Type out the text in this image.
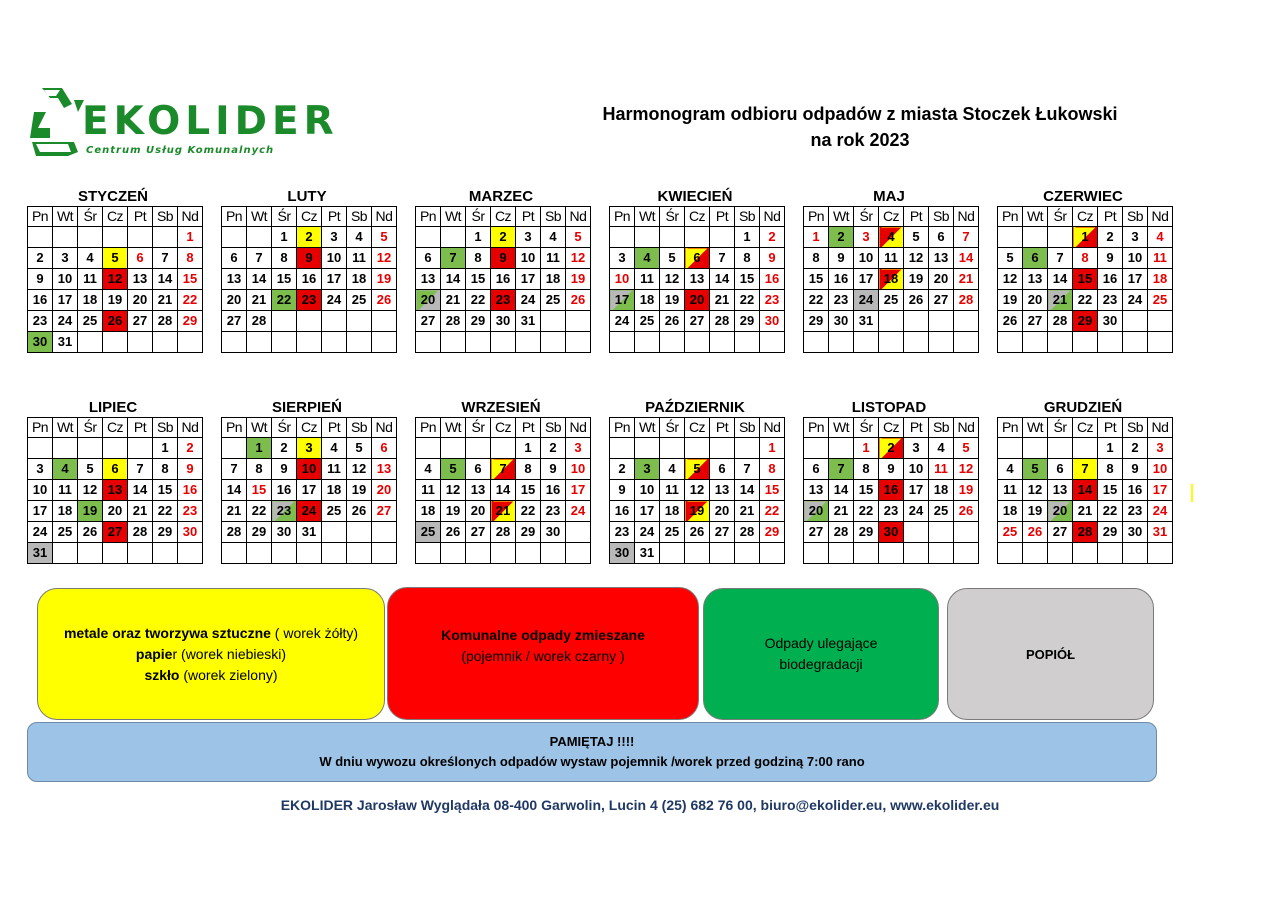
EKOLIDER
Centrum Usług Komunalnych
Harmonogram odbioru odpadów z miasta Stoczek Łukowski
na rok 2023
STYCZEŃ
Pn	Wt	Śr	Cz	Pt	Sb	Nd
						1
2	3	4	5	6	7	8
9	10	11	12	13	14	15
16	17	18	19	20	21	22
23	24	25	26	27	28	29
30	31					
LUTY
Pn	Wt	Śr	Cz	Pt	Sb	Nd
		1	2	3	4	5
6	7	8	9	10	11	12
13	14	15	16	17	18	19
20	21	22	23	24	25	26
27	28					

MARZEC
Pn	Wt	Śr	Cz	Pt	Sb	Nd
		1	2	3	4	5
6	7	8	9	10	11	12
13	14	15	16	17	18	19
20	21	22	23	24	25	26
27	28	29	30	31		

KWIECIEŃ
Pn	Wt	Śr	Cz	Pt	Sb	Nd
					1	2
3	4	5	6	7	8	9
10	11	12	13	14	15	16
17	18	19	20	21	22	23
24	25	26	27	28	29	30

MAJ
Pn	Wt	Śr	Cz	Pt	Sb	Nd
1	2	3	4	5	6	7
8	9	10	11	12	13	14
15	16	17	18	19	20	21
22	23	24	25	26	27	28
29	30	31				

CZERWIEC
Pn	Wt	Śr	Cz	Pt	Sb	Nd
			1	2	3	4
5	6	7	8	9	10	11
12	13	14	15	16	17	18
19	20	21	22	23	24	25
26	27	28	29	30		

LIPIEC
Pn	Wt	Śr	Cz	Pt	Sb	Nd
					1	2
3	4	5	6	7	8	9
10	11	12	13	14	15	16
17	18	19	20	21	22	23
24	25	26	27	28	29	30
31						
SIERPIEŃ
Pn	Wt	Śr	Cz	Pt	Sb	Nd
	1	2	3	4	5	6
7	8	9	10	11	12	13
14	15	16	17	18	19	20
21	22	23	24	25	26	27
28	29	30	31			

WRZESIEŃ
Pn	Wt	Śr	Cz	Pt	Sb	Nd
				1	2	3
4	5	6	7	8	9	10
11	12	13	14	15	16	17
18	19	20	21	22	23	24
25	26	27	28	29	30	

PAŹDZIERNIK
Pn	Wt	Śr	Cz	Pt	Sb	Nd
						1
2	3	4	5	6	7	8
9	10	11	12	13	14	15
16	17	18	19	20	21	22
23	24	25	26	27	28	29
30	31					
LISTOPAD
Pn	Wt	Śr	Cz	Pt	Sb	Nd
		1	2	3	4	5
6	7	8	9	10	11	12
13	14	15	16	17	18	19
20	21	22	23	24	25	26
27	28	29	30			

GRUDZIEŃ
Pn	Wt	Śr	Cz	Pt	Sb	Nd
				1	2	3
4	5	6	7	8	9	10
11	12	13	14	15	16	17
18	19	20	21	22	23	24
25	26	27	28	29	30	31

metale oraz tworzywa sztuczne ( worek żółty)
papier (worek niebieski)
szkło (worek zielony)
Komunalne odpady zmieszane
(pojemnik / worek czarny )
Odpady ulegające biodegradacji
POPIÓŁ
PAMIĘTAJ !!!!
W dniu wywozu określonych odpadów wystaw pojemnik /worek przed godziną 7:00 rano
EKOLIDER Jarosław Wyglądała 08-400 Garwolin, Lucin 4 (25) 682 76 00, biuro@ekolider.eu, www.ekolider.eu
